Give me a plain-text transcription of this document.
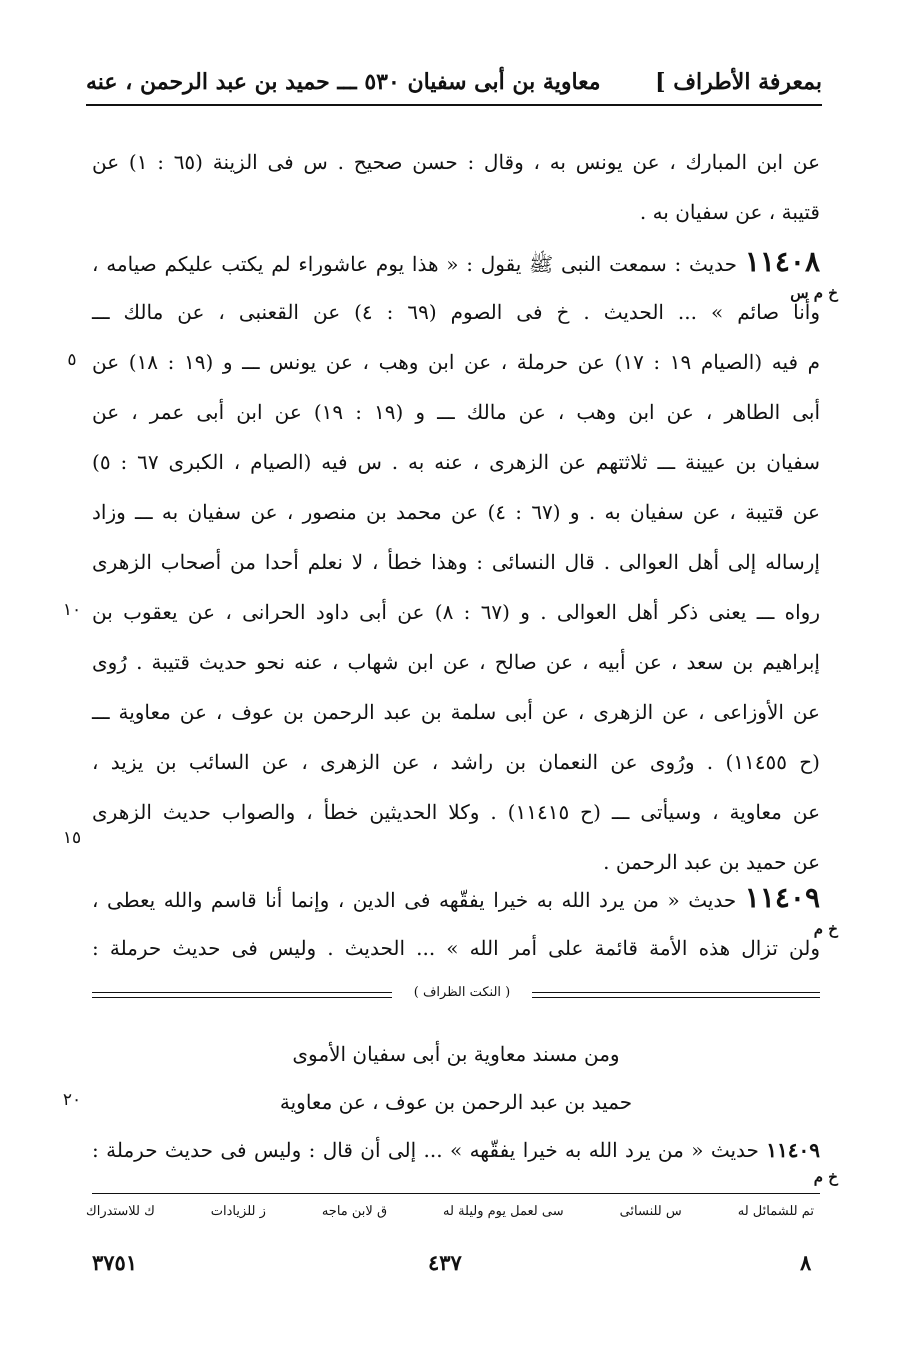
بمعرفة الأطراف ]
معاوية بن أبى سفيان ٥٣٠ ـــ حميد بن عبد الرحمن ، عنه
عن ابن المبارك ، عن يونس به ، وقال : حسن صحيح . س فى الزينة (٦٥ : ١) عن
قتيبة ، عن سفيان به .
١١٤٠٨ حديث : سمعت النبى ﷺ يقول : « هذا يوم عاشوراء لم يكتب عليكم صيامه ،
خ م س
وأنا صائم » ... الحديث . خ فى الصوم (٦٩ : ٤) عن القعنبى ، عن مالك ـــ
م فيه (الصيام ١٩ : ١٧) عن حرملة ، عن ابن وهب ، عن يونس ـــ و (١٩ : ١٨) عن
٥
أبى الطاهر ، عن ابن وهب ، عن مالك ـــ و (١٩ : ١٩) عن ابن أبى عمر ، عن
سفيان بن عيينة ـــ ثلاثتهم عن الزهرى ، عنه به . س فيه (الصيام ، الكبرى ٦٧ : ٥)
عن قتيبة ، عن سفيان به . و (٦٧ : ٤) عن محمد بن منصور ، عن سفيان به ـــ وزاد
إرساله إلى أهل العوالى . قال النسائى : وهذا خطأ ، لا نعلم أحدا من أصحاب الزهرى
رواه ـــ يعنى ذكر أهل العوالى . و (٦٧ : ٨) عن أبى داود الحرانى ، عن يعقوب بن
١٠
إبراهيم بن سعد ، عن أبيه ، عن صالح ، عن ابن شهاب ، عنه نحو حديث قتيبة . رُوى
عن الأوزاعى ، عن الزهرى ، عن أبى سلمة بن عبد الرحمن بن عوف ، عن معاوية ـــ
(ح ١١٤٥٥) . ورُوى عن النعمان بن راشد ، عن الزهرى ، عن السائب بن يزيد ،
عن معاوية ، وسيأتى ـــ (ح ١١٤١٥) . وكلا الحديثين خطأ ، والصواب حديث الزهرى
عن حميد بن عبد الرحمن .
١٥
١١٤٠٩ حديث « من يرد الله به خيرا يفقّهه فى الدين ، وإنما أنا قاسم والله يعطى ،
خ م
ولن تزال هذه الأمة قائمة على أمر الله » ... الحديث . وليس فى حديث حرملة :
( النكت الظراف )
ومن مسند معاوية بن أبى سفيان الأموى
حميد بن عبد الرحمن بن عوف ، عن معاوية
٢٠
١١٤٠٩ حديث « من يرد الله به خيرا يفقّهه » ... إلى أن قال : وليس فى حديث حرملة :
خ م
تم للشمائل له
س للنسائى
سى لعمل يوم وليلة له
ق لابن ماجه
ز للزيادات
ك للاستدراك
٨
٤٣٧
٣٧٥١
